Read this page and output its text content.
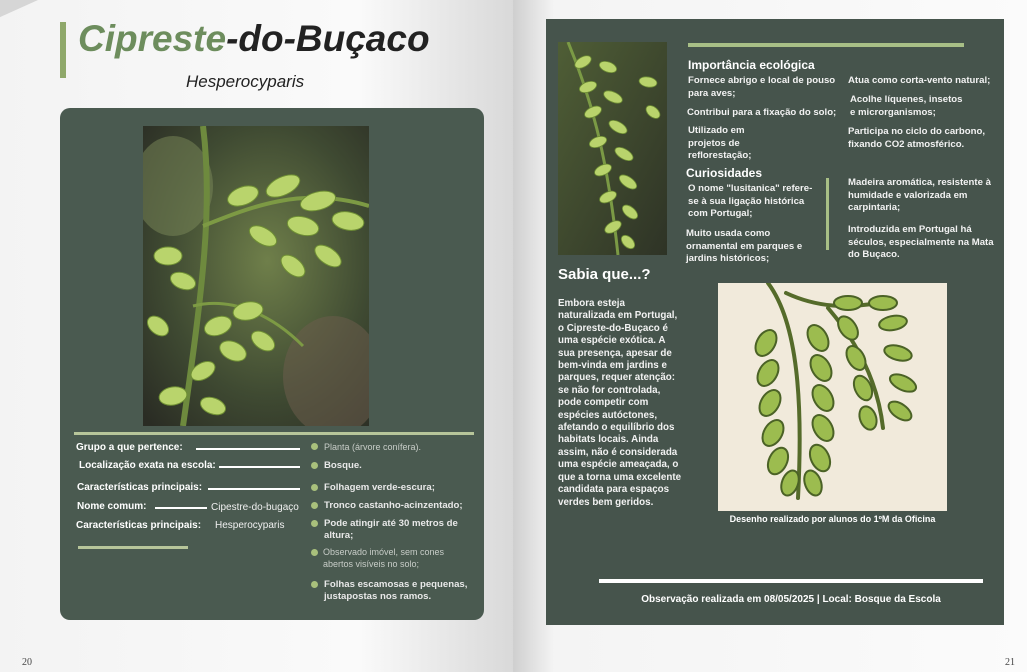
Cipreste-do-Buçaco
Hesperocyparis
Grupo a que pertence:
Localização exata na escola:
Características principais:
Nome comum:	Cipestre-do-bugaço
Características principais: Hesperocyparis
Planta (árvore conífera).
Bosque.
Folhagem verde-escura;
Tronco castanho-acinzentado;
Pode atingir até 30 metros de altura;
Observado imóvel, sem cones abertos visíveis no solo;
Folhas escamosas e pequenas, justapostas nos ramos.
20	21
Importância ecológica
Fornece abrigo e local de pouso para aves;
Contribui para a fixação do solo;
Utilizado em projetos de reflorestação;
Atua como corta-vento natural;
Acolhe líquenes, insetos e microrganismos;
Participa no ciclo do carbono, fixando CO2 atmosférico.
Curiosidades
O nome "lusitanica" refere-se à sua ligação histórica com Portugal;
Muito usada como ornamental em parques e jardins históricos;
Madeira aromática, resistente à humidade e valorizada em carpintaria;
Introduzida em Portugal há séculos, especialmente na Mata do Buçaco.
Sabia que...?
Embora esteja naturalizada em Portugal, o Cipreste-do-Buçaco é uma espécie exótica. A sua presença, apesar de bem-vinda em jardins e parques, requer atenção: se não for controlada, pode competir com espécies autóctones, afetando o equilíbrio dos habitats locais. Ainda assim, não é considerada uma espécie ameaçada, o que a torna uma excelente candidata para espaços verdes bem geridos.
Desenho realizado por alunos do 1ºM da Oficina
Observação realizada em 08/05/2025 | Local: Bosque da Escola
